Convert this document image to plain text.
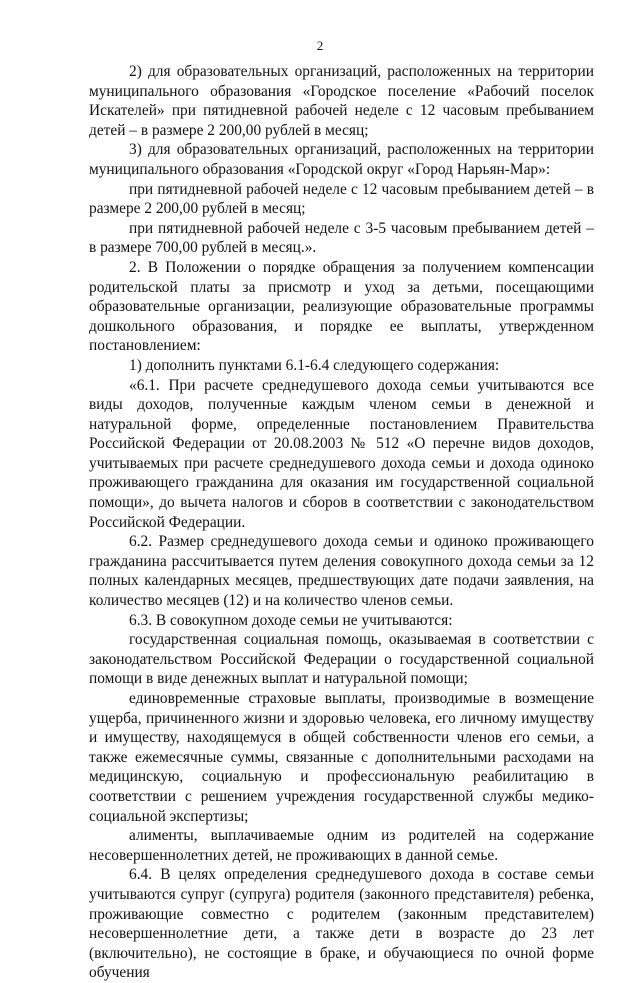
2

2) для образовательных организаций, расположенных на территории муниципального образования «Городское поселение «Рабочий поселок Искателей» при пятидневной рабочей неделе с 12 часовым пребыванием детей – в размере 2 200,00 рублей в месяц;

3) для образовательных организаций, расположенных на территории муниципального образования «Городской округ «Город Нарьян-Мар»:

при пятидневной рабочей неделе с 12 часовым пребыванием детей – в размере 2 200,00 рублей в месяц;

при пятидневной рабочей неделе с 3-5 часовым пребыванием детей – в размере 700,00 рублей в месяц.».

2. В Положении о порядке обращения за получением компенсации родительской платы за присмотр и уход за детьми, посещающими образовательные организации, реализующие образовательные программы дошкольного образования, и порядке ее выплаты, утвержденном постановлением:

1) дополнить пунктами 6.1-6.4 следующего содержания:

«6.1. При расчете среднедушевого дохода семьи учитываются все виды доходов, полученные каждым членом семьи в денежной и натуральной форме, определенные постановлением Правительства Российской Федерации от 20.08.2003 № 512 «О перечне видов доходов, учитываемых при расчете среднедушевого дохода семьи и дохода одиноко проживающего гражданина для оказания им государственной социальной помощи», до вычета налогов и сборов в соответствии с законодательством Российской Федерации.

6.2. Размер среднедушевого дохода семьи и одиноко проживающего гражданина рассчитывается путем деления совокупного дохода семьи за 12 полных календарных месяцев, предшествующих дате подачи заявления, на количество месяцев (12) и на количество членов семьи.

6.3. В совокупном доходе семьи не учитываются:

государственная социальная помощь, оказываемая в соответствии с законодательством Российской Федерации о государственной социальной помощи в виде денежных выплат и натуральной помощи;

единовременные страховые выплаты, производимые в возмещение ущерба, причиненного жизни и здоровью человека, его личному имуществу и имуществу, находящемуся в общей собственности членов его семьи, а также ежемесячные суммы, связанные с дополнительными расходами на медицинскую, социальную и профессиональную реабилитацию в соответствии с решением учреждения государственной службы медико-социальной экспертизы;

алименты, выплачиваемые одним из родителей на содержание несовершеннолетних детей, не проживающих в данной семье.

6.4. В целях определения среднедушевого дохода в составе семьи учитываются супруг (супруга) родителя (законного представителя) ребенка, проживающие совместно с родителем (законным представителем) несовершеннолетние дети, а также дети в возрасте до 23 лет (включительно), не состоящие в браке, и обучающиеся по очной форме обучения
